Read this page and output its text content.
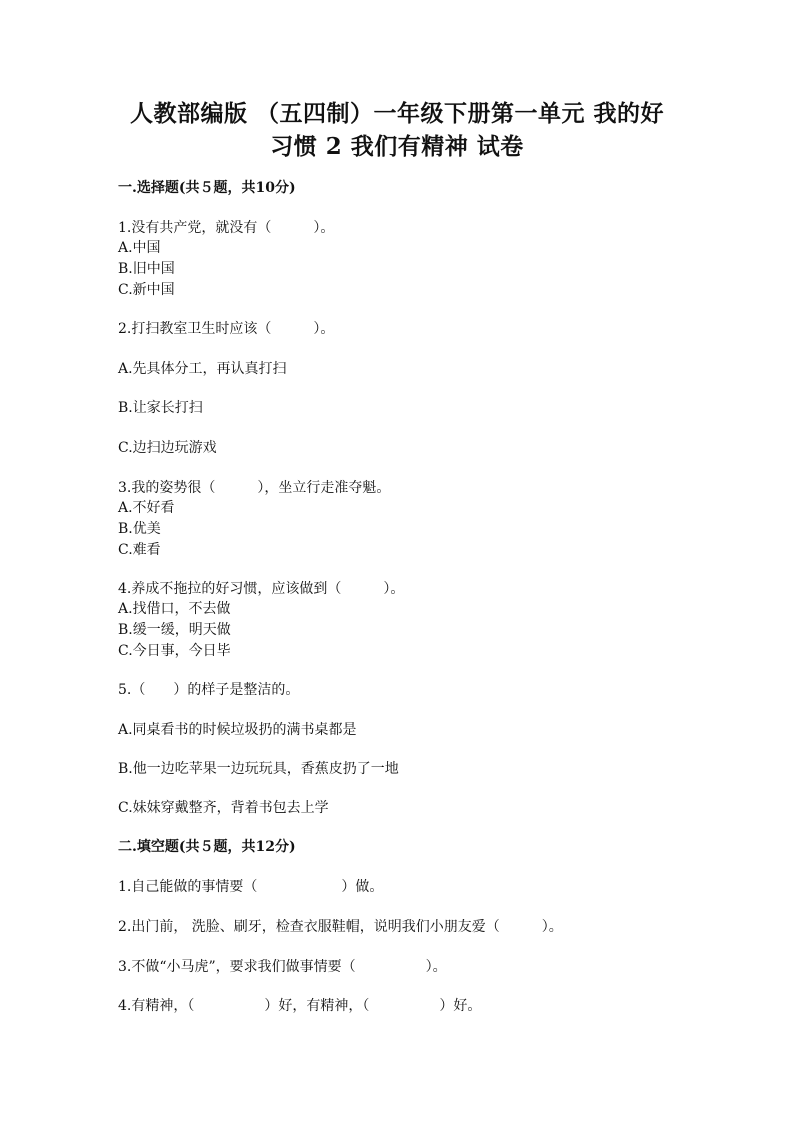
人教部编版 （五四制）一年级下册第一单元 我的好
习惯 2 我们有精神 试卷
一.选择题(共５题，共10分)
1.没有共产党，就没有（　　　）。
A.中国
B.旧中国
C.新中国
2.打扫教室卫生时应该（　　　）。
A.先具体分工，再认真打扫
B.让家长打扫
C.边扫边玩游戏
3.我的姿势很（　　　），坐立行走准夺魁。
A.不好看
B.优美
C.难看
4.养成不拖拉的好习惯，应该做到（　　　）。
A.找借口，不去做
B.缓一缓，明天做
C.今日事，今日毕
5.（　　）的样子是整洁的。
A.同桌看书的时候垃圾扔的满书桌都是
B.他一边吃苹果一边玩玩具，香蕉皮扔了一地
C.妹妹穿戴整齐，背着书包去上学
二.填空题(共５题，共12分)
1.自己能做的事情要（　　　　　　）做。
2.出门前， 洗脸、刷牙，检查衣服鞋帽，说明我们小朋友爱（　　　）。
3.不做“小马虎”，要求我们做事情要（　　　　　）。
4.有精神，（　　　　　）好，有精神，（　　　　　）好。
